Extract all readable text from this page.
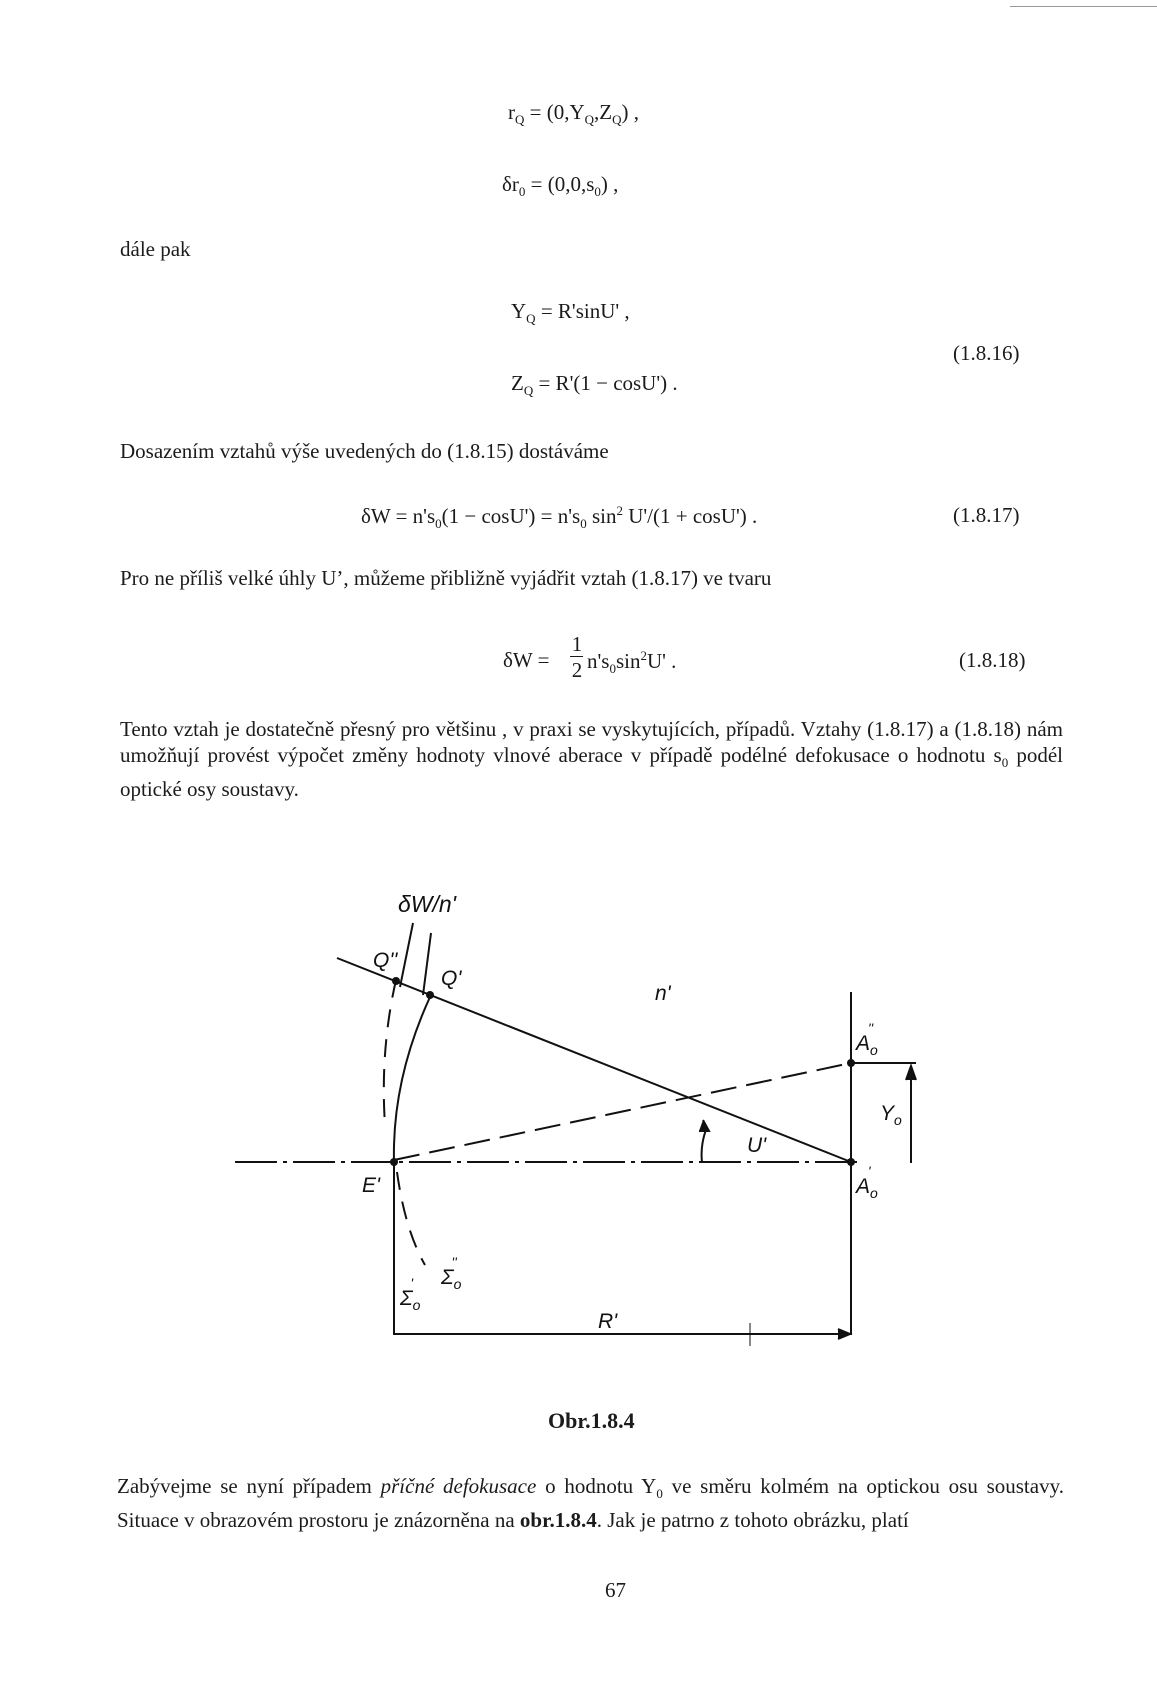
$r_Q = (0,Y_Q,Z_Q)$ ,
$\delta r_0 = (0,0,s_0)$ ,
dále pak
$Y_Q = R'\sin U'$ ,
(1.8.16)
$Z_Q = R'(1 - \cos U')$ .
Dosazením vztahů výše uvedených do (1.8.15) dostáváme
$\delta W = n's_0(1 - \cos U') = n's_0$ $\sin^2 U'/(1 + \cos U')$ .	(1.8.17)
Pro ne příliš velké úhly U’, můžeme přibližně vyjádřit vztah (1.8.17) ve tvaru
δW =
1
2 $n's_0\sin^2U'$ .	(1.8.18)
Tento vztah je dostatečně přesný pro většinu , v praxi se vyskytujících, případů. Vztahy (1.8.17) a (1.8.18) nám umožňují provést výpočet změny hodnoty vlnové aberace v případě podélné defokusace o hodnotu $s_0$ podél optické osy soustavy.
δW/n'
Q''
Q'
n'
$A_o''$
$Y_o$
U'
E'	$A_o'$
$\Sigma_o''$
$\Sigma_o'$
R'
Obr.1.8.4
Zabývejme se nyní případem příčné defokusace o hodnotu $Y_0$ ve směru kolmém na optickou osu soustavy. Situace v obrazovém prostoru je znázorněna na obr.1.8.4. Jak je patrno z tohoto obrázku, platí
67
